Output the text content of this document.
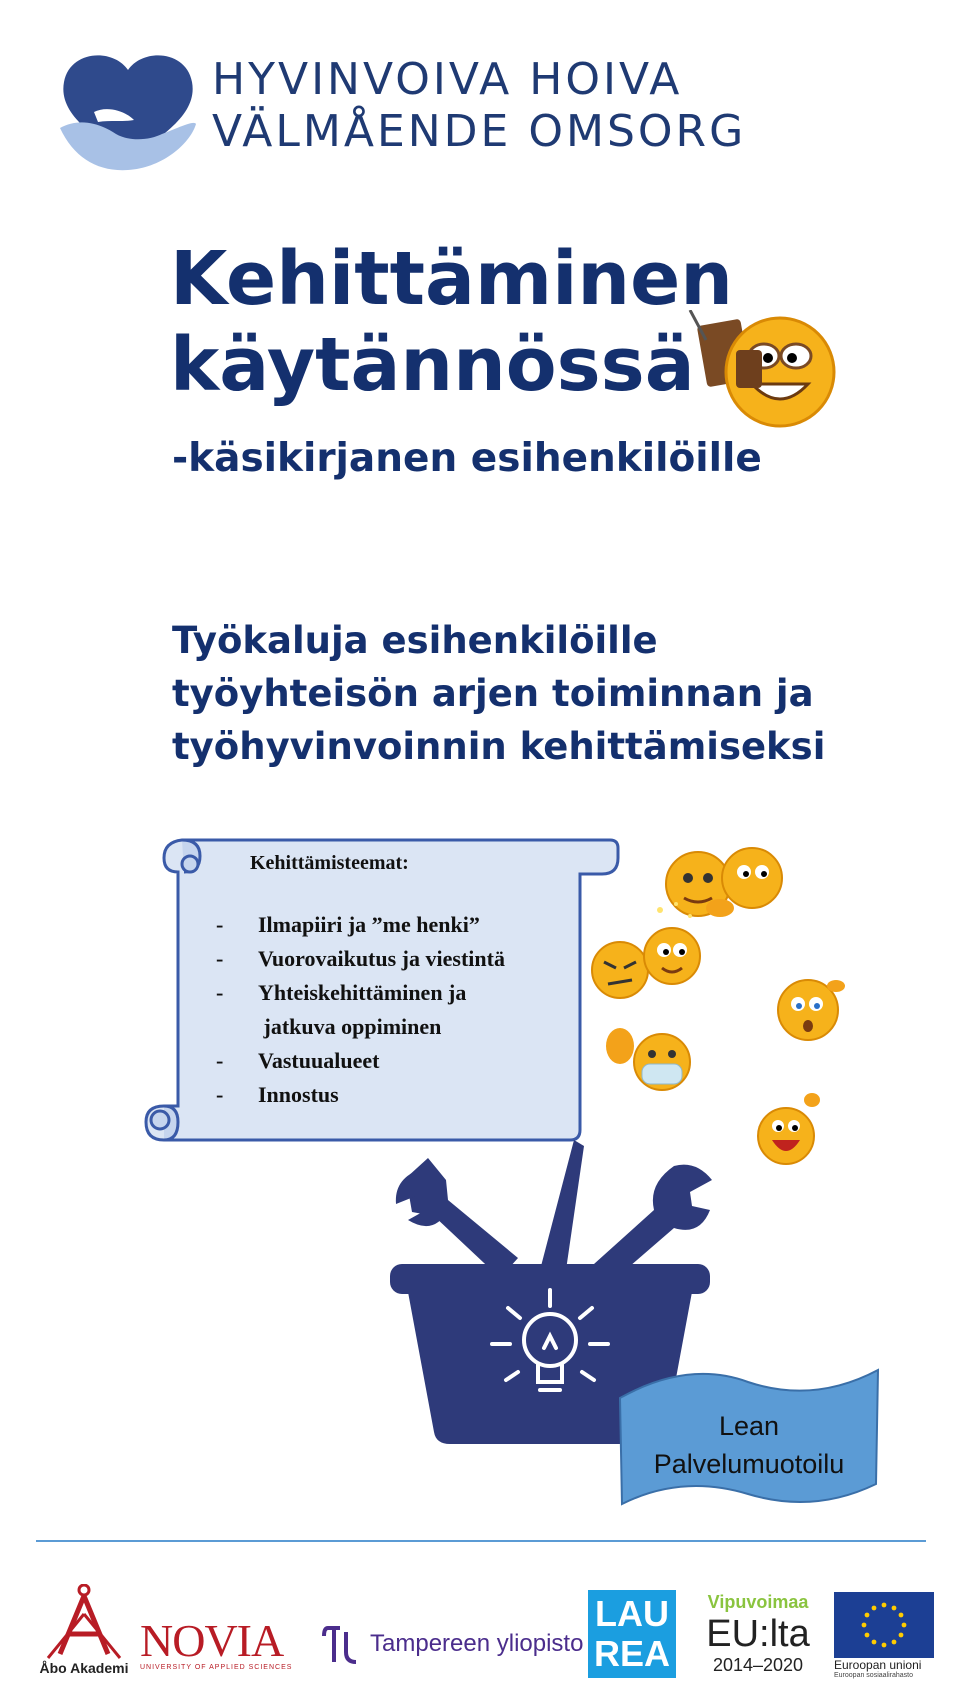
HYVINVOIVA HOIVA
VÄLMÅENDE OMSORG
Kehittäminen
käytännössä
-käsikirjanen esihenkilöille
Työkaluja esihenkilöille
työyhteisön arjen toiminnan ja
työhyvinvoinnin kehittämiseksi
Kehittämisteemat:
-	Ilmapiiri ja ”me henki”
-	Vuorovaikutus ja viestintä
-	Yhteiskehittäminen ja
jatkuva oppiminen
-	Vastuualueet
-	Innostus
Lean
Palvelumuotoilu
Åbo Akademi
NOVIA
UNIVERSITY OF APPLIED SCIENCES
Tampereen yliopisto
LAU
REA
Vipuvoimaa
EU:lta
2014–2020	Euroopan unioni
Euroopan sosiaalirahasto
